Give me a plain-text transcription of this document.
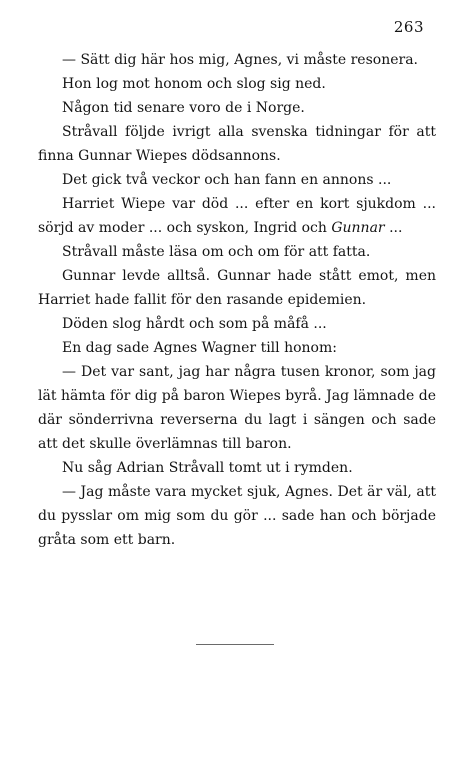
263

— Sätt dig här hos mig, Agnes, vi måste resonera.

Hon log mot honom och slog sig ned.

Någon tid senare voro de i Norge.

Stråvall följde ivrigt alla svenska tidningar för att finna Gunnar Wiepes dödsannons.

Det gick två veckor och han fann en annons ...

Harriet Wiepe var död ... efter en kort sjukdom ... sörjd av moder ... och syskon, Ingrid och Gunnar ...

Stråvall måste läsa om och om för att fatta.

Gunnar levde alltså. Gunnar hade stått emot, men Harriet hade fallit för den rasande epidemien.

Döden slog hårdt och som på måfå ...

En dag sade Agnes Wagner till honom:

— Det var sant, jag har några tusen kronor, som jag lät hämta för dig på baron Wiepes byrå. Jag lämnade de där sönderrivna reverserna du lagt i sängen och sade att det skulle överlämnas till baron.

Nu såg Adrian Stråvall tomt ut i rymden.

— Jag måste vara mycket sjuk, Agnes. Det är väl, att du pysslar om mig som du gör ... sade han och började gråta som ett barn.
